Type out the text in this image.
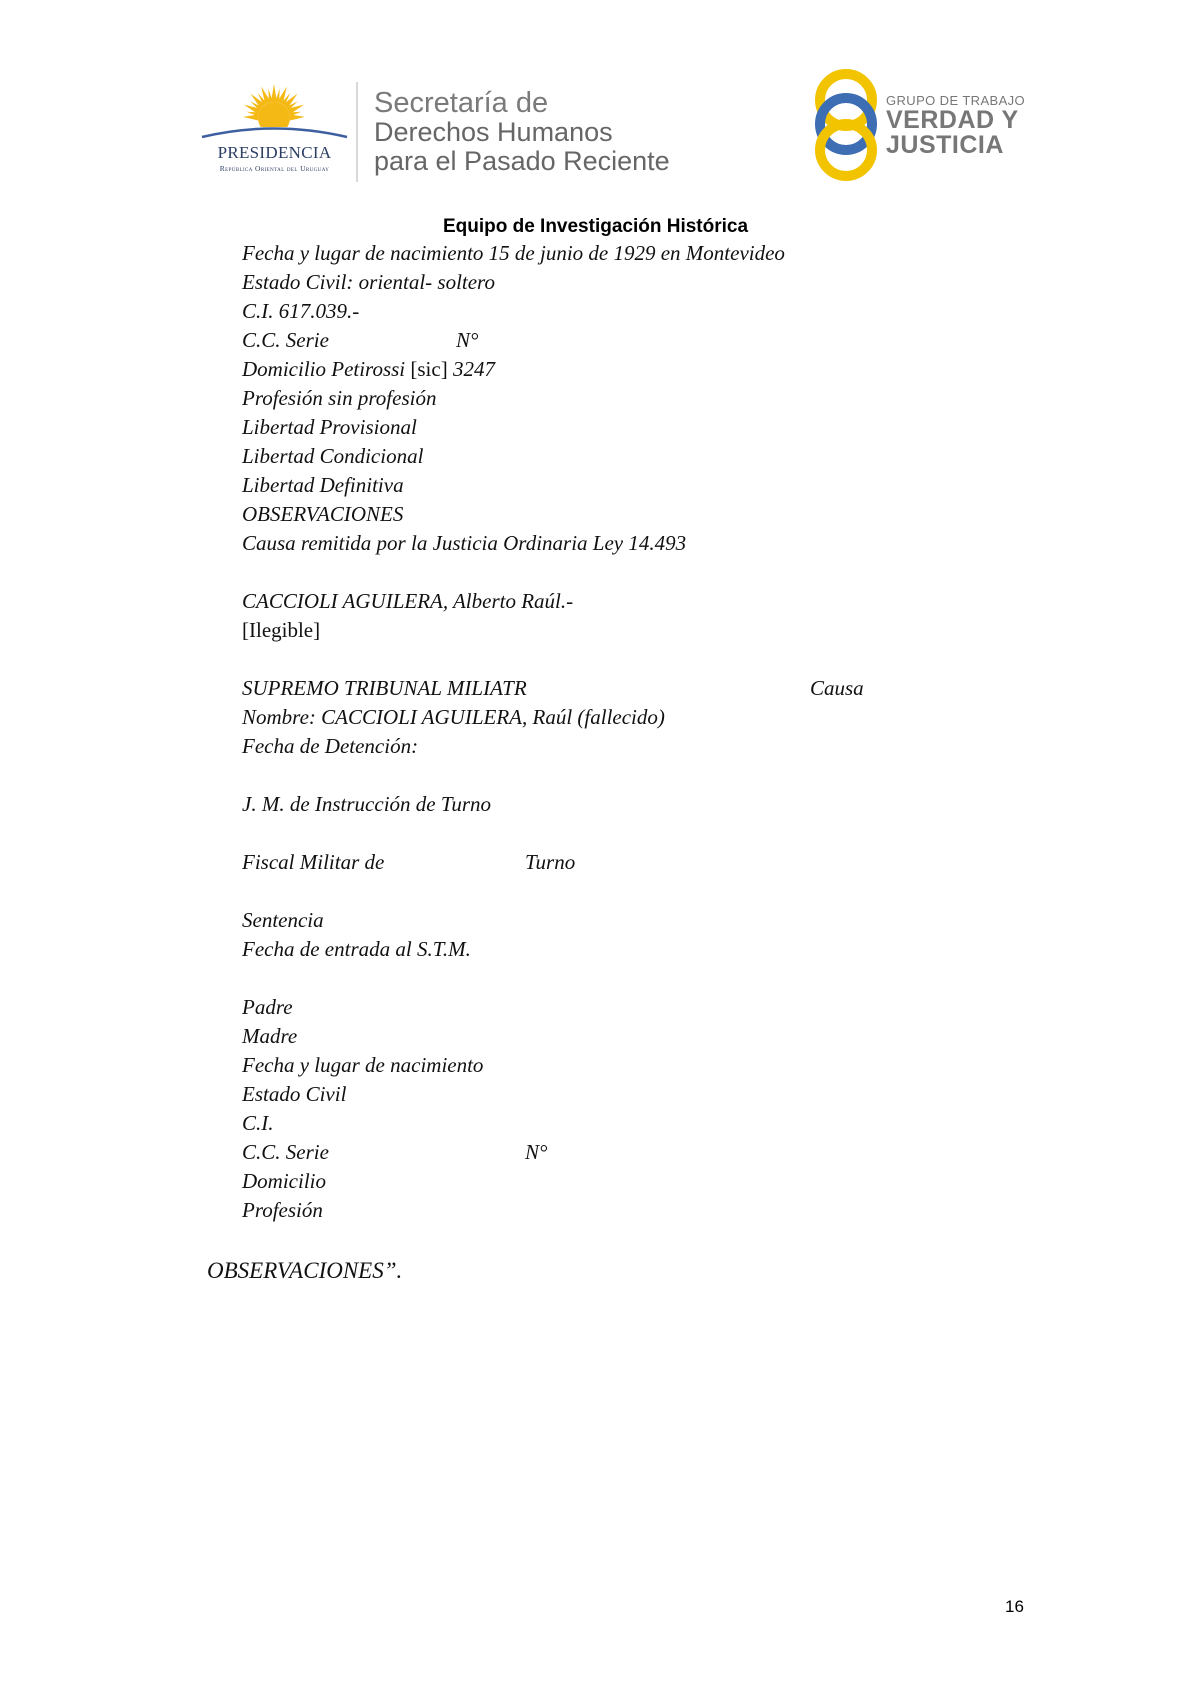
PRESIDENCIA
República Oriental del Uruguay
Secretaría de
Derechos Humanos
para el Pasado Reciente
GRUPO DE TRABAJO
VERDAD Y
JUSTICIA
Equipo de Investigación Histórica
Fecha y lugar de nacimiento 15 de junio de 1929 en Montevideo
Estado Civil: oriental- soltero
C.I. 617.039.-
C.C. Serie	N°
Domicilio Petirossi [sic] 3247
Profesión sin profesión
Libertad Provisional
Libertad Condicional
Libertad Definitiva
OBSERVACIONES
Causa remitida por la Justicia Ordinaria Ley 14.493
CACCIOLI AGUILERA, Alberto Raúl.-
[Ilegible]
SUPREMO TRIBUNAL MILIATR	Causa
Nombre: CACCIOLI AGUILERA, Raúl (fallecido)
Fecha de Detención:
J. M. de Instrucción de Turno
Fiscal Militar de	Turno
Sentencia
Fecha de entrada al S.T.M.
Padre
Madre
Fecha y lugar de nacimiento
Estado Civil
C.I.
C.C. Serie	N°
Domicilio
Profesión
OBSERVACIONES”.
16
